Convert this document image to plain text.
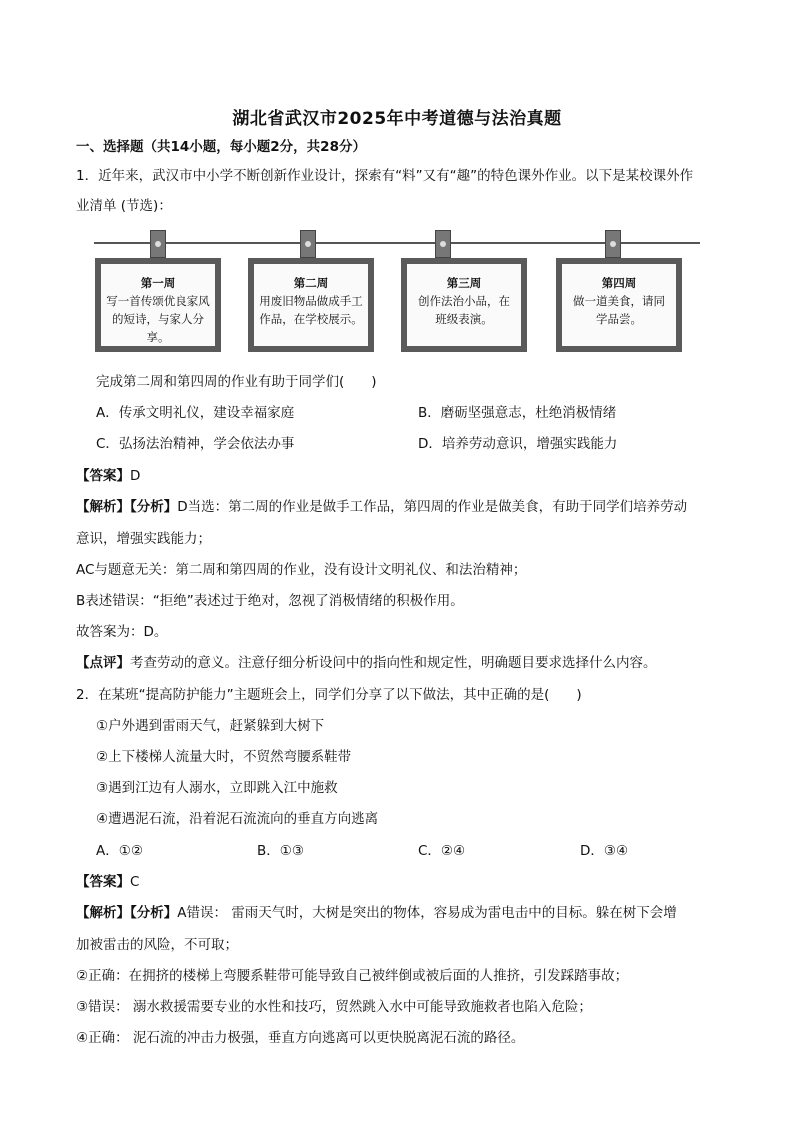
湖北省武汉市2025年中考道德与法治真题
一、选择题（共14小题，每小题2分，共28分）
1．近年来，武汉市中小学不断创新作业设计，探索有“料”又有“趣”的特色课外作业。以下是某校课外作
业清单 (节选)：
第一周
写一首传颂优良家风
的短诗，与家人分享。
第二周
用废旧物品做成手工
作品，在学校展示。
第三周
创作法治小品，在
班级表演。
第四周
做一道美食，请同
学品尝。
完成第二周和第四周的作业有助于同学们(　　)
A．传承文明礼仪，建设幸福家庭	B．磨砺坚强意志，杜绝消极情绪
C．弘扬法治精神，学会依法办事	D．培养劳动意识，增强实践能力
【答案】D
【解析】【分析】D当选：第二周的作业是做手工作品，第四周的作业是做美食，有助于同学们培养劳动
意识，增强实践能力；
AC与题意无关：第二周和第四周的作业，没有设计文明礼仪、和法治精神；
B表述错误：“拒绝”表述过于绝对，忽视了消极情绪的积极作用。
故答案为：D。
【点评】考查劳动的意义。注意仔细分析设问中的指向性和规定性，明确题目要求选择什么内容。
2．在某班“提高防护能力”主题班会上，同学们分享了以下做法，其中正确的是(　　)
①户外遇到雷雨天气，赶紧躲到大树下
②上下楼梯人流量大时，不贸然弯腰系鞋带
③遇到江边有人溺水，立即跳入江中施救
④遭遇泥石流，沿着泥石流流向的垂直方向逃离
A．①②	B．①③	C．②④	D．③④
【答案】C
【解析】【分析】A错误： 雷雨天气时，大树是突出的物体，容易成为雷电击中的目标。躲在树下会增
加被雷击的风险，不可取；
②正确：在拥挤的楼梯上弯腰系鞋带可能导致自己被绊倒或被后面的人推挤，引发踩踏事故；
③错误： 溺水救援需要专业的水性和技巧，贸然跳入水中可能导致施救者也陷入危险；
④正确： 泥石流的冲击力极强，垂直方向逃离可以更快脱离泥石流的路径。
